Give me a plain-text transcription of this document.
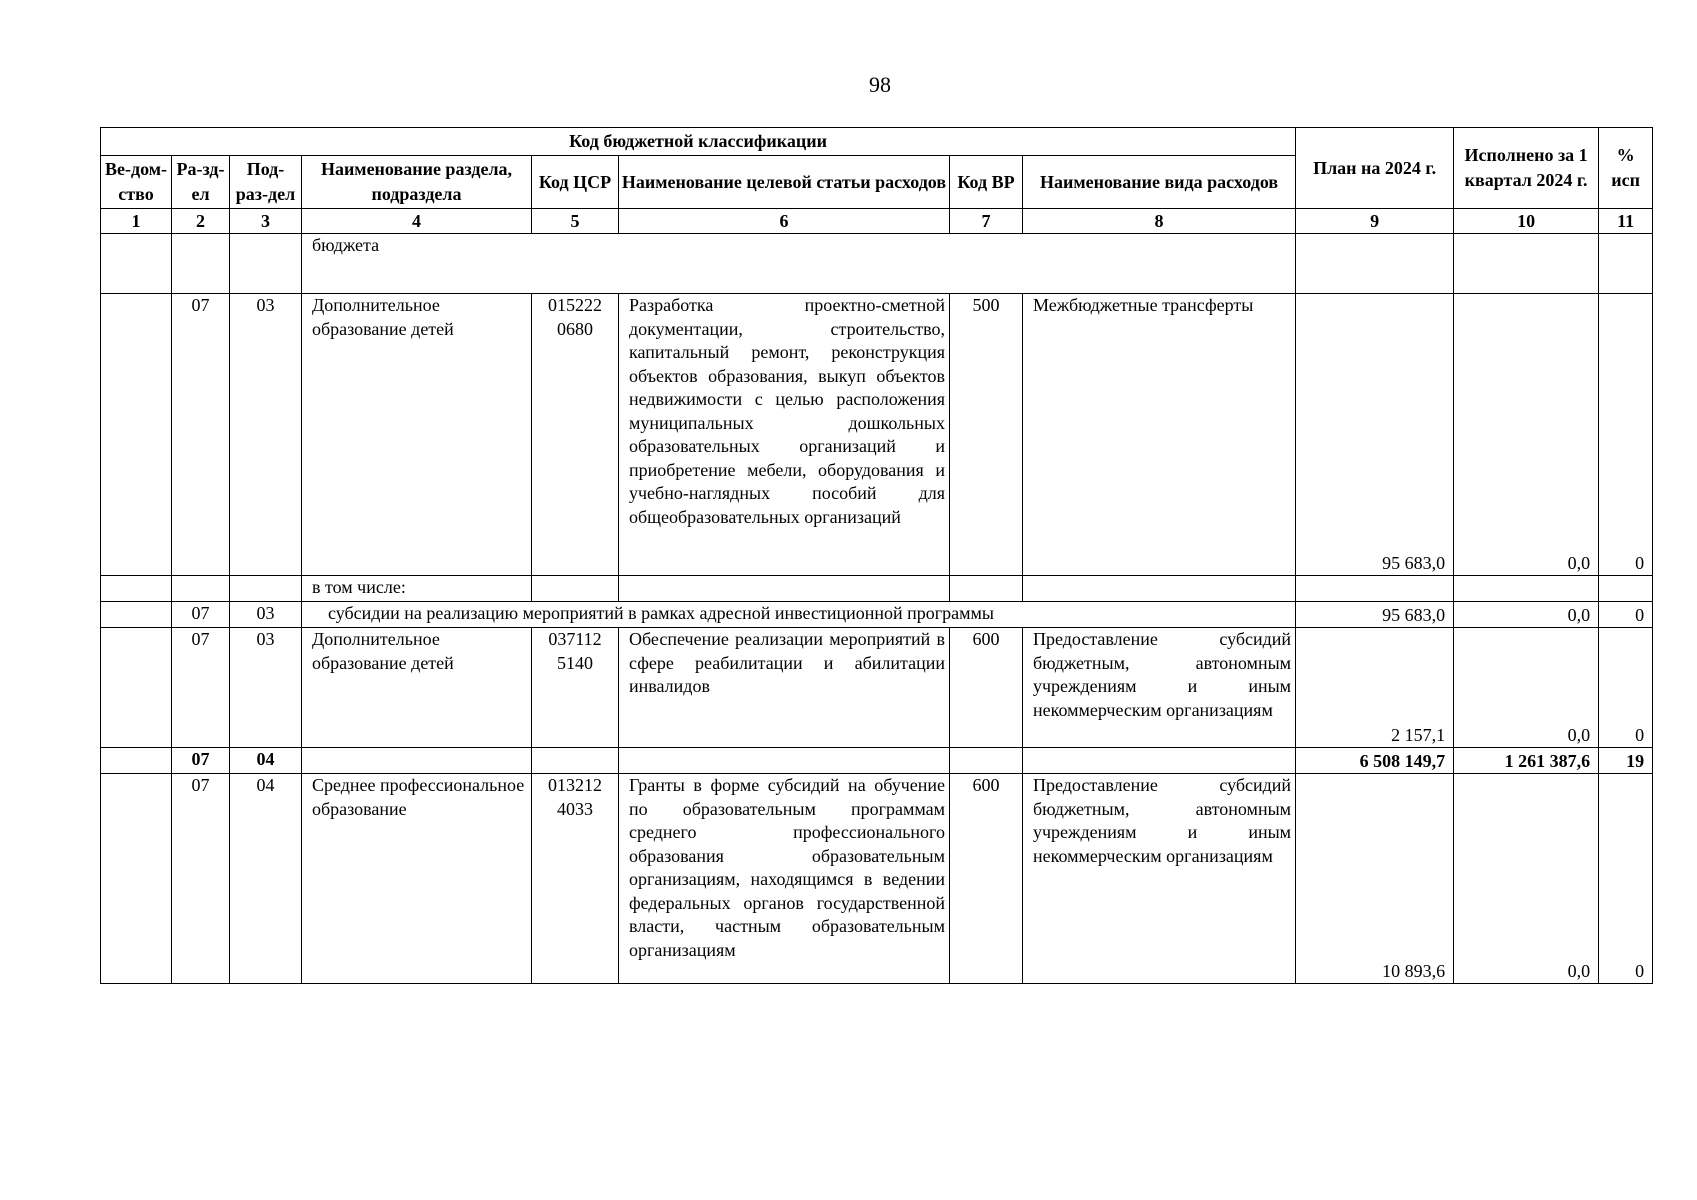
98
Код бюджетной классификации								План на 2024 г.	Исполнено за 1 квартал 2024 г.	% исп
Ве-дом-ство	Ра-зд-ел	Под-раз-дел	Наименование раздела, подраздела	Код ЦСР	Наименование целевой статьи расходов	Код ВР	Наименование вида расходов			
1	2	3	4	5	6	7	8	9	10	11
			бюджета							
	07	03	Дополнительное образование детей	015222 0680	Разработка проектно-сметной документации, строительство, капитальный ремонт, реконструкция объектов образования, выкуп объектов недвижимости с целью расположения муниципальных дошкольных образовательных организаций и приобретение мебели, оборудования и учебно-наглядных пособий для общеобразовательных организаций	500	Межбюджетные трансферты	95 683,0	0,0	0
			в том числе:							
	07	03	субсидии на реализацию мероприятий в рамках адресной инвестиционной программы					95 683,0	0,0	0
	07	03	Дополнительное образование детей	037112 5140	Обеспечение реализации мероприятий в сфере реабилитации и абилитации инвалидов	600	Предоставление субсидий бюджетным, автономным учреждениям и иным некоммерческим организациям	2 157,1	0,0	0
	07	04						6 508 149,7	1 261 387,6	19
	07	04	Среднее профессиональное образование	013212 4033	Гранты в форме субсидий на обучение по образовательным программам среднего профессионального образования образовательным организациям, находящимся в ведении федеральных органов государственной власти, частным образовательным организациям	600	Предоставление субсидий бюджетным, автономным учреждениям и иным некоммерческим организациям	10 893,6	0,0	0
